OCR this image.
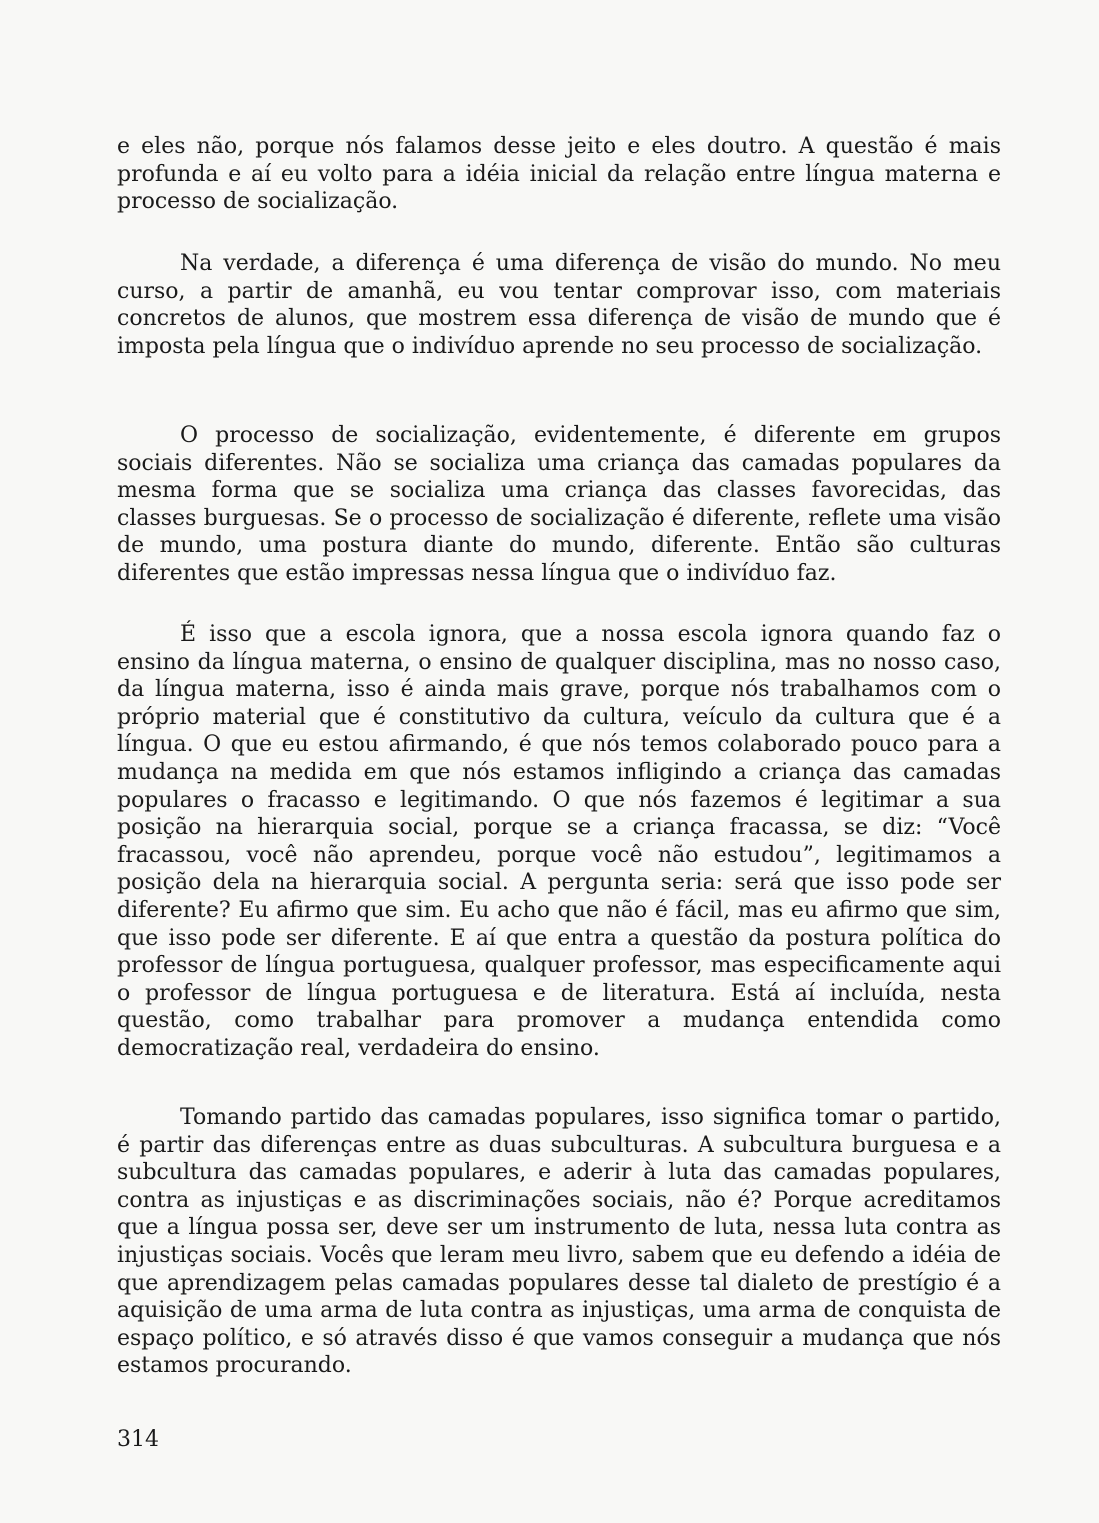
e eles não, porque nós falamos desse jeito e eles doutro. A questão é mais profunda e aí eu volto para a idéia inicial da relação entre língua materna e processo de socialização.

Na verdade, a diferença é uma diferença de visão do mundo. No meu curso, a partir de amanhã, eu vou tentar comprovar isso, com materiais concretos de alunos, que mostrem essa diferença de visão de mundo que é imposta pela língua que o indivíduo aprende no seu processo de socialização.

O processo de socialização, evidentemente, é diferente em grupos sociais diferentes. Não se socializa uma criança das camadas populares da mesma forma que se socializa uma criança das classes favorecidas, das classes burguesas. Se o processo de socialização é diferente, reflete uma visão de mundo, uma postura diante do mundo, diferente. Então são culturas diferentes que estão impressas nessa língua que o indivíduo faz.

É isso que a escola ignora, que a nossa escola ignora quando faz o ensino da língua materna, o ensino de qualquer disciplina, mas no nosso caso, da língua materna, isso é ainda mais grave, porque nós trabalhamos com o próprio material que é constitutivo da cultura, veículo da cultura que é a língua. O que eu estou afirmando, é que nós temos colaborado pouco para a mudança na medida em que nós estamos infligindo a criança das camadas populares o fracasso e legitimando. O que nós fazemos é legitimar a sua posição na hierarquia social, porque se a criança fracassa, se diz: “Você fracassou, você não aprendeu, porque você não estudou”, legitimamos a posição dela na hierarquia social. A pergunta seria: será que isso pode ser diferente? Eu afirmo que sim. Eu acho que não é fácil, mas eu afirmo que sim, que isso pode ser diferente. E aí que entra a questão da postura política do professor de língua portuguesa, qualquer professor, mas especificamente aqui o professor de língua portuguesa e de literatura. Está aí incluída, nesta questão, como trabalhar para promover a mudança entendida como democratização real, verdadeira do ensino.

Tomando partido das camadas populares, isso significa tomar o partido, é partir das diferenças entre as duas subculturas. A subcultura burguesa e a subcultura das camadas populares, e aderir à luta das camadas populares, contra as injustiças e as discriminações sociais, não é? Porque acreditamos que a língua possa ser, deve ser um instrumento de luta, nessa luta contra as injustiças sociais. Vocês que leram meu livro, sabem que eu defendo a idéia de que aprendizagem pelas camadas populares desse tal dialeto de prestígio é a aquisição de uma arma de luta contra as injustiças, uma arma de conquista de espaço político, e só através disso é que vamos conseguir a mudança que nós estamos procurando.

314
